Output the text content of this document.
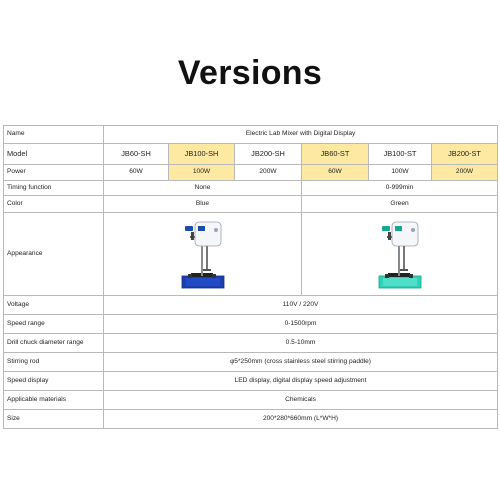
Versions
Name	Electric Lab Mixer with Digital Display					
Model	JB60-SH	JB100-SH	JB200-SH	JB60-ST	JB100-ST	JB200-ST
Power	60W	100W	200W	60W	100W	200W
Timing function	None			0-999min		
Color	Blue			Green		
Appearance	

Voltage	110V / 220V					
Speed range	0-1500rpm					
Drill chuck diameter range	0.5-10mm					
Stirring rod	φ5*250mm (cross stainless steel stirring paddle)					
Speed display	LED display, digital display speed adjustment					
Applicable materials	Chemicals					
Size	200*280*660mm (L*W*H)					
